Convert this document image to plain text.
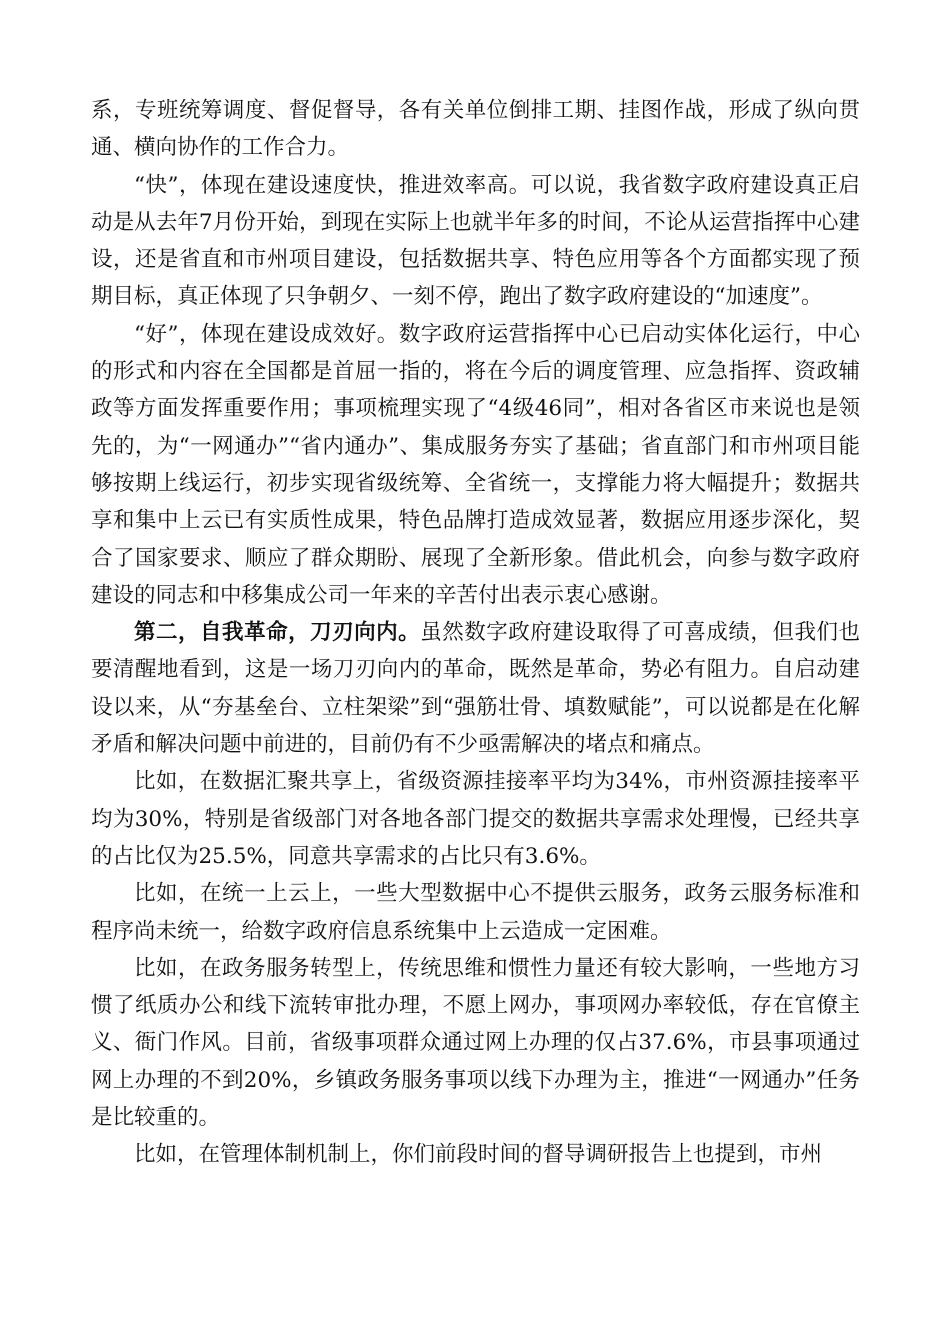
系，专班统筹调度、督促督导，各有关单位倒排工期、挂图作战，形成了纵向贯通、横向协作的工作合力。

“快”，体现在建设速度快，推进效率高。可以说，我省数字政府建设真正启动是从去年7月份开始，到现在实际上也就半年多的时间，不论从运营指挥中心建设，还是省直和市州项目建设，包括数据共享、特色应用等各个方面都实现了预期目标，真正体现了只争朝夕、一刻不停，跑出了数字政府建设的“加速度”。

“好”，体现在建设成效好。数字政府运营指挥中心已启动实体化运行，中心的形式和内容在全国都是首屈一指的，将在今后的调度管理、应急指挥、资政辅政等方面发挥重要作用；事项梳理实现了“4级46同”，相对各省区市来说也是领先的，为“一网通办”“省内通办”、集成服务夯实了基础；省直部门和市州项目能够按期上线运行，初步实现省级统筹、全省统一，支撑能力将大幅提升；数据共享和集中上云已有实质性成果，特色品牌打造成效显著，数据应用逐步深化，契合了国家要求、顺应了群众期盼、展现了全新形象。借此机会，向参与数字政府建设的同志和中移集成公司一年来的辛苦付出表示衷心感谢。

第二，自我革命，刀刃向内。虽然数字政府建设取得了可喜成绩，但我们也要清醒地看到，这是一场刀刃向内的革命，既然是革命，势必有阻力。自启动建设以来，从“夯基垒台、立柱架梁”到“强筋壮骨、填数赋能”，可以说都是在化解矛盾和解决问题中前进的，目前仍有不少亟需解决的堵点和痛点。

比如，在数据汇聚共享上，省级资源挂接率平均为34%，市州资源挂接率平均为30%，特别是省级部门对各地各部门提交的数据共享需求处理慢，已经共享的占比仅为25.5%，同意共享需求的占比只有3.6%。

比如，在统一上云上，一些大型数据中心不提供云服务，政务云服务标准和程序尚未统一，给数字政府信息系统集中上云造成一定困难。

比如，在政务服务转型上，传统思维和惯性力量还有较大影响，一些地方习惯了纸质办公和线下流转审批办理，不愿上网办，事项网办率较低，存在官僚主义、衙门作风。目前，省级事项群众通过网上办理的仅占37.6%，市县事项通过网上办理的不到20%，乡镇政务服务事项以线下办理为主，推进“一网通办”任务是比较重的。

比如，在管理体制机制上，你们前段时间的督导调研报告上也提到，市州
